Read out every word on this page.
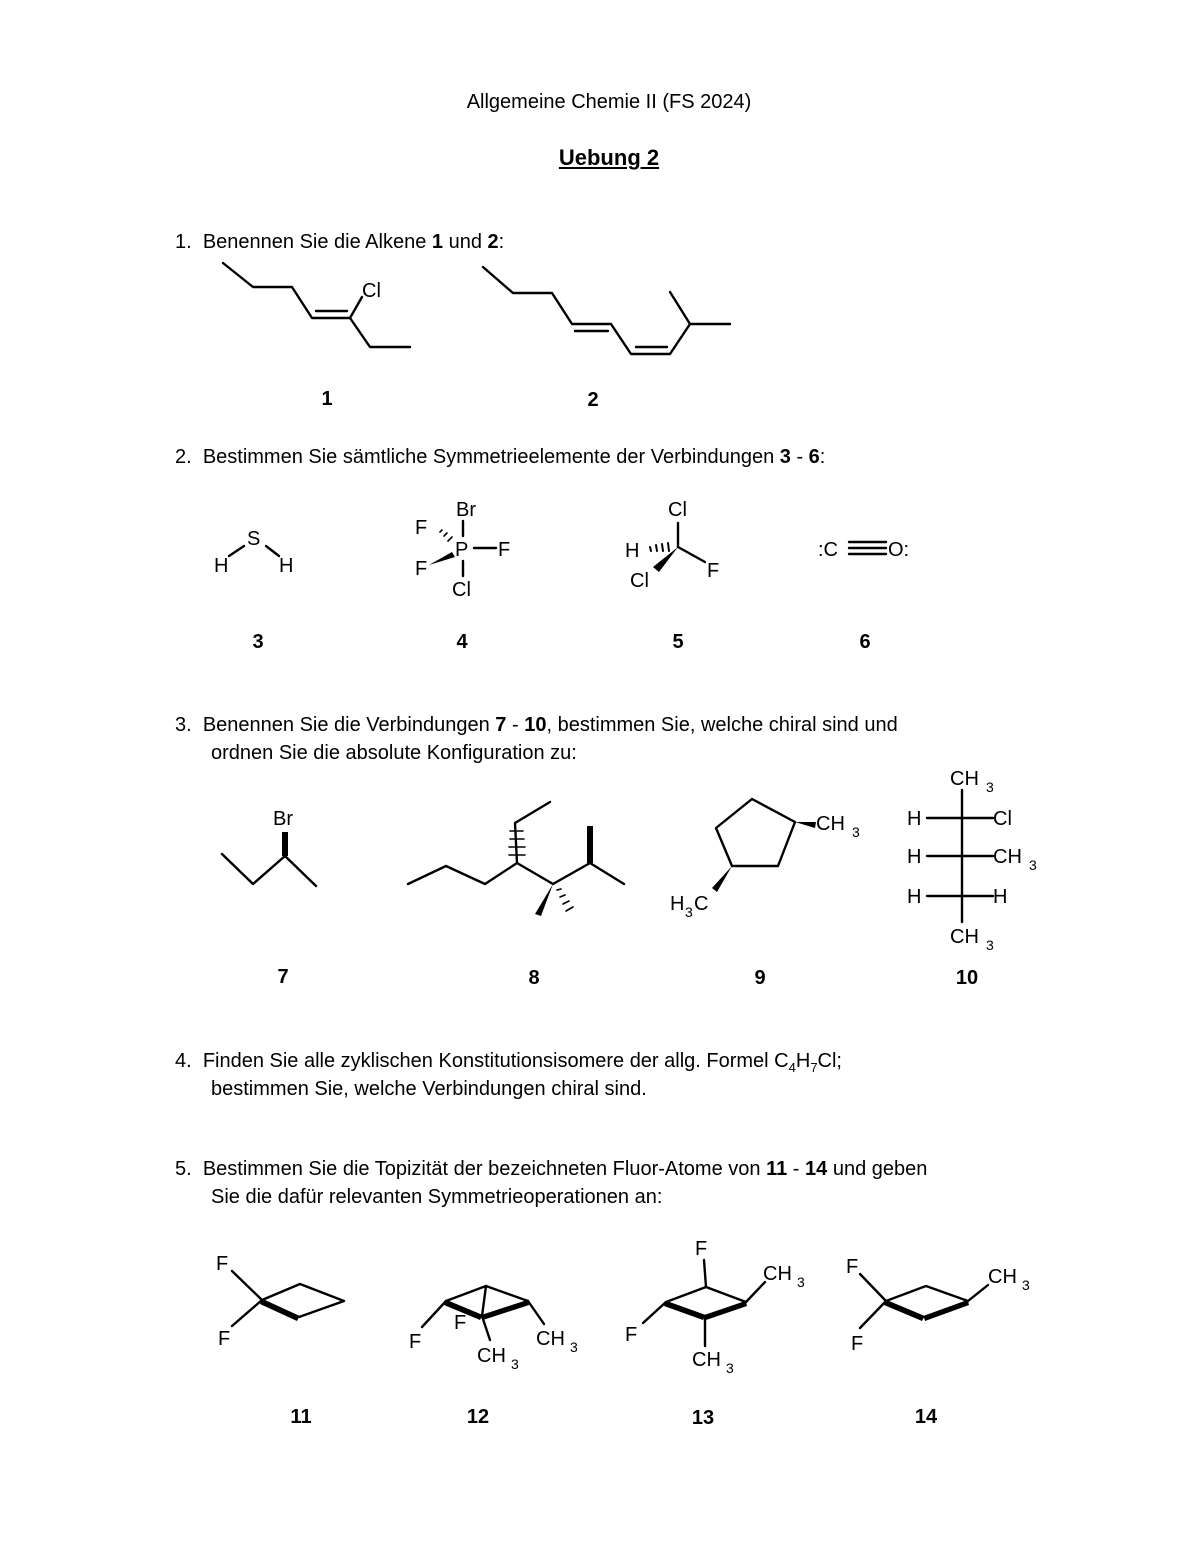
Allgemeine Chemie II (FS 2024)
Uebung 2
1. Benennen Sie die Alkene 1 und 2:
2. Bestimmen Sie sämtliche Symmetrieelemente der Verbindungen 3 - 6:
3. Benennen Sie die Verbindungen 7 - 10, bestimmen Sie, welche chiral sind und
ordnen Sie die absolute Konfiguration zu:
4. Finden Sie alle zyklischen Konstitutionsisomere der allg. Formel $C_4H_7Cl$;
bestimmen Sie, welche Verbindungen chiral sind.
5. Bestimmen Sie die Topizität der bezeichneten Fluor-Atome von 11 - 14 und geben
Sie die dafür relevanten Symmetrieoperationen an:
1	2
3	4	5	6
7	8	9	10
11	12	13	14
Cl
S
H	H
Br
P
F
F
F
Cl
Cl
H
Cl	F
:C	O:
Br	CH 3
H 3 C
CH 3
H	Cl
H	CH 3
H	H
CH 3
F
F	F
F
CH 3
CH 3
F
F
CH 3
CH 3
F
F
CH 3
